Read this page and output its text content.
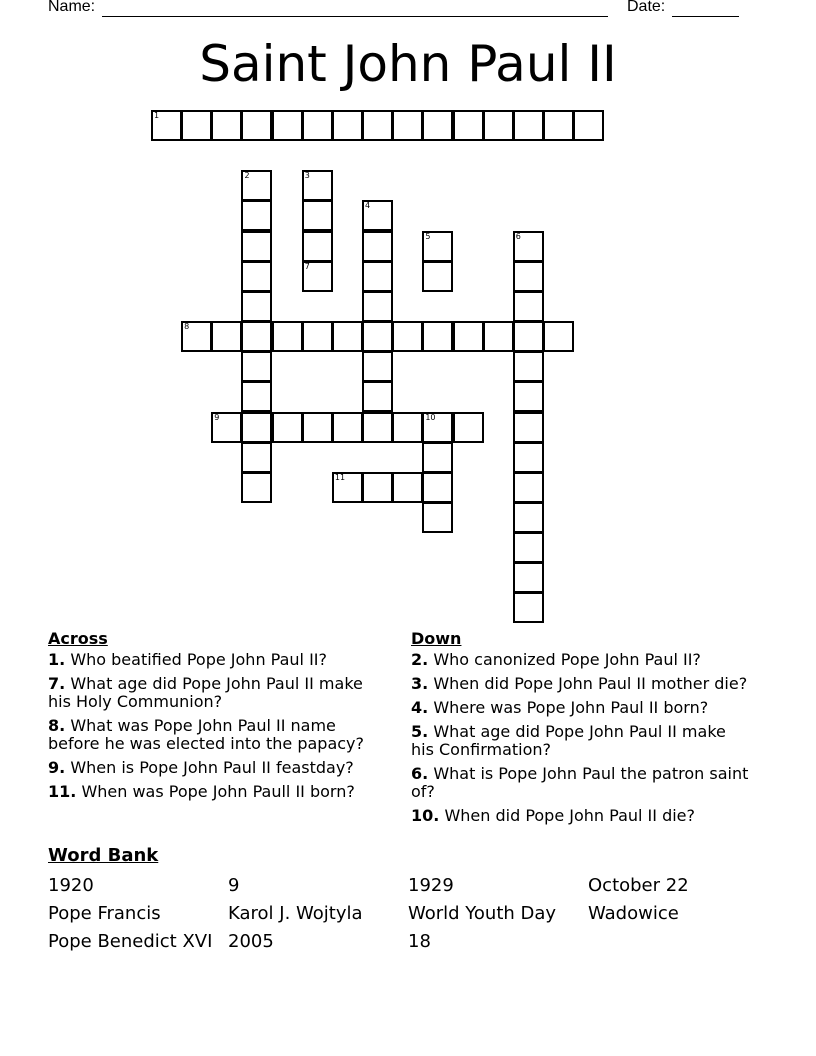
Name:	Date:
Saint John Paul II
1
2	3
7
4
5	6
8
9	10
11
Across
1. Who beatified Pope John Paul II?
7. What age did Pope John Paul II make his Holy Communion?
8. What was Pope John Paul II name before he was elected into the papacy?
9. When is Pope John Paul II feastday?
11. When was Pope John Paull II born?
Down
2. Who canonized Pope John Paul II?
3. When did Pope John Paul II mother die?
4. Where was Pope John Paul II born?
5. What age did Pope John Paul II make his Confirmation?
6. What is Pope John Paul the patron saint of?
10. When did Pope John Paul II die?
Word Bank
1920	9	1929	October 22
Pope Francis	Karol J. Wojtyla	World Youth Day	Wadowice
Pope Benedict XVI 2005	18
